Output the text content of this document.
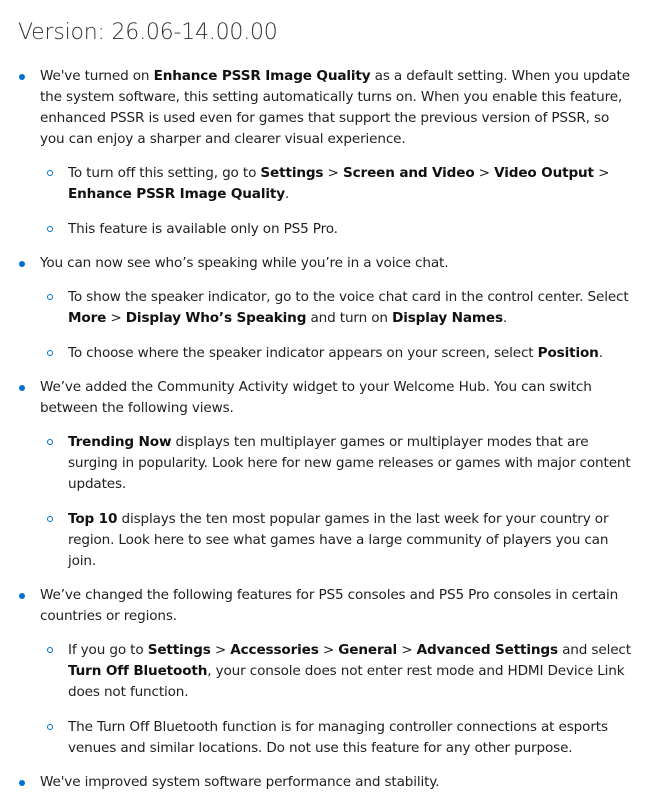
Version: 26.06-14.00.00
We've turned on Enhance PSSR Image Quality as a default setting. When you update the system software, this setting automatically turns on. When you enable this feature, enhanced PSSR is used even for games that support the previous version of PSSR, so you can enjoy a sharper and clearer visual experience.
To turn off this setting, go to Settings > Screen and Video > Video Output > Enhance PSSR Image Quality.
This feature is available only on PS5 Pro.
You can now see who’s speaking while you’re in a voice chat.
To show the speaker indicator, go to the voice chat card in the control center. Select More > Display Who’s Speaking and turn on Display Names.
To choose where the speaker indicator appears on your screen, select Position.
We’ve added the Community Activity widget to your Welcome Hub. You can switch between the following views.
Trending Now displays ten multiplayer games or multiplayer modes that are surging in popularity. Look here for new game releases or games with major content updates.
Top 10 displays the ten most popular games in the last week for your country or region. Look here to see what games have a large community of players you can join.
We’ve changed the following features for PS5 consoles and PS5 Pro consoles in certain countries or regions.
If you go to Settings > Accessories > General > Advanced Settings and select Turn Off Bluetooth, your console does not enter rest mode and HDMI Device Link does not function.
The Turn Off Bluetooth function is for managing controller connections at esports venues and similar locations. Do not use this feature for any other purpose.
We've improved system software performance and stability.
